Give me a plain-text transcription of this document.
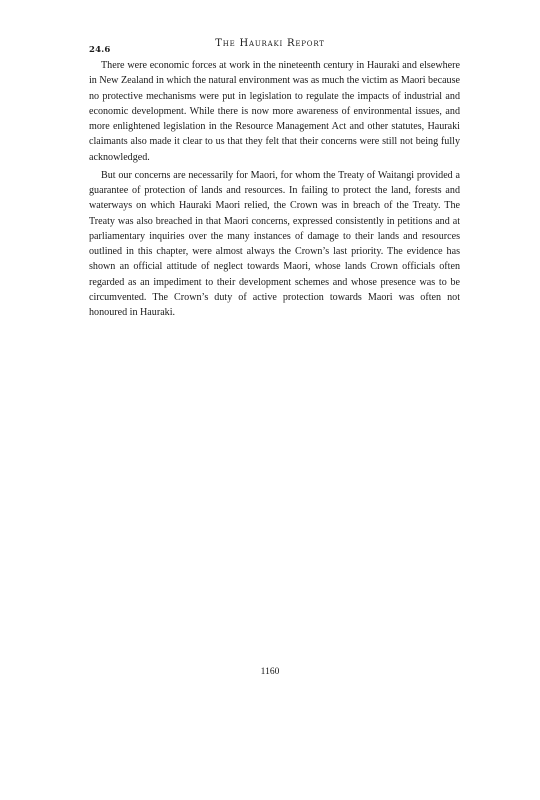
24.6
The Hauraki Report

There were economic forces at work in the nineteenth century in Hauraki and elsewhere in New Zealand in which the natural environment was as much the victim as Maori because no protective mechanisms were put in legislation to regulate the impacts of industrial and economic development. While there is now more awareness of environmental issues, and more enlightened legislation in the Resource Management Act and other statutes, Hauraki claimants also made it clear to us that they felt that their concerns were still not being fully acknowledged.

But our concerns are necessarily for Maori, for whom the Treaty of Waitangi provided a guarantee of protection of lands and resources. In failing to protect the land, forests and waterways on which Hauraki Maori relied, the Crown was in breach of the Treaty. The Treaty was also breached in that Maori concerns, expressed consistently in petitions and at parliamentary inquiries over the many instances of damage to their lands and resources outlined in this chapter, were almost always the Crown’s last priority. The evidence has shown an official attitude of neglect towards Maori, whose lands Crown officials often regarded as an impediment to their development schemes and whose presence was to be circumvented. The Crown’s duty of active protection towards Maori was often not honoured in Hauraki.

1160
